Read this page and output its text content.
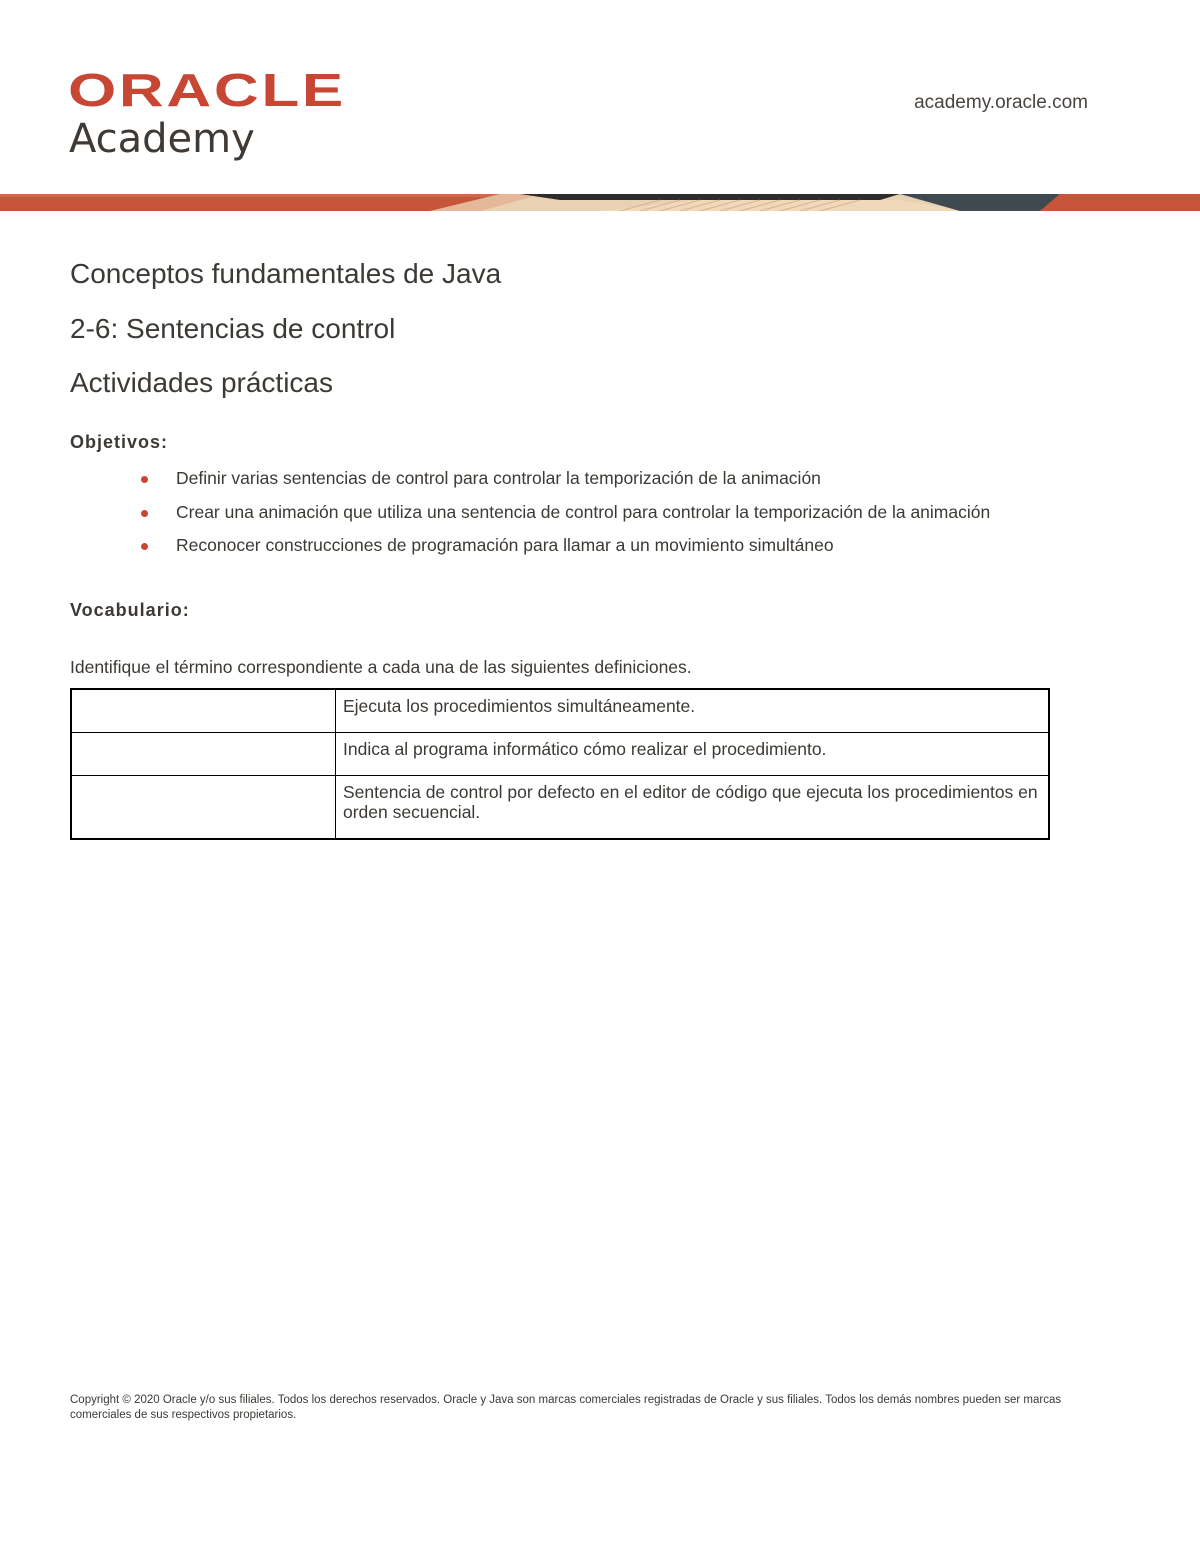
ORACLE
Academy
academy.oracle.com
Conceptos fundamentales de Java
2-6: Sentencias de control
Actividades prácticas
Objetivos:
Definir varias sentencias de control para controlar la temporización de la animación
Crear una animación que utiliza una sentencia de control para controlar la temporización de la animación
Reconocer construcciones de programación para llamar a un movimiento simultáneo
Vocabulario:

Identifique el término correspondiente a cada una de las siguientes definiciones.

	Ejecuta los procedimientos simultáneamente.
	Indica al programa informático cómo realizar el procedimiento.
	Sentencia de control por defecto en el editor de código que ejecuta los procedimientos en orden secuencial.

Copyright © 2020 Oracle y/o sus filiales. Todos los derechos reservados. Oracle y Java son marcas comerciales registradas de Oracle y sus filiales. Todos los demás nombres pueden ser marcas comerciales de sus respectivos propietarios.
